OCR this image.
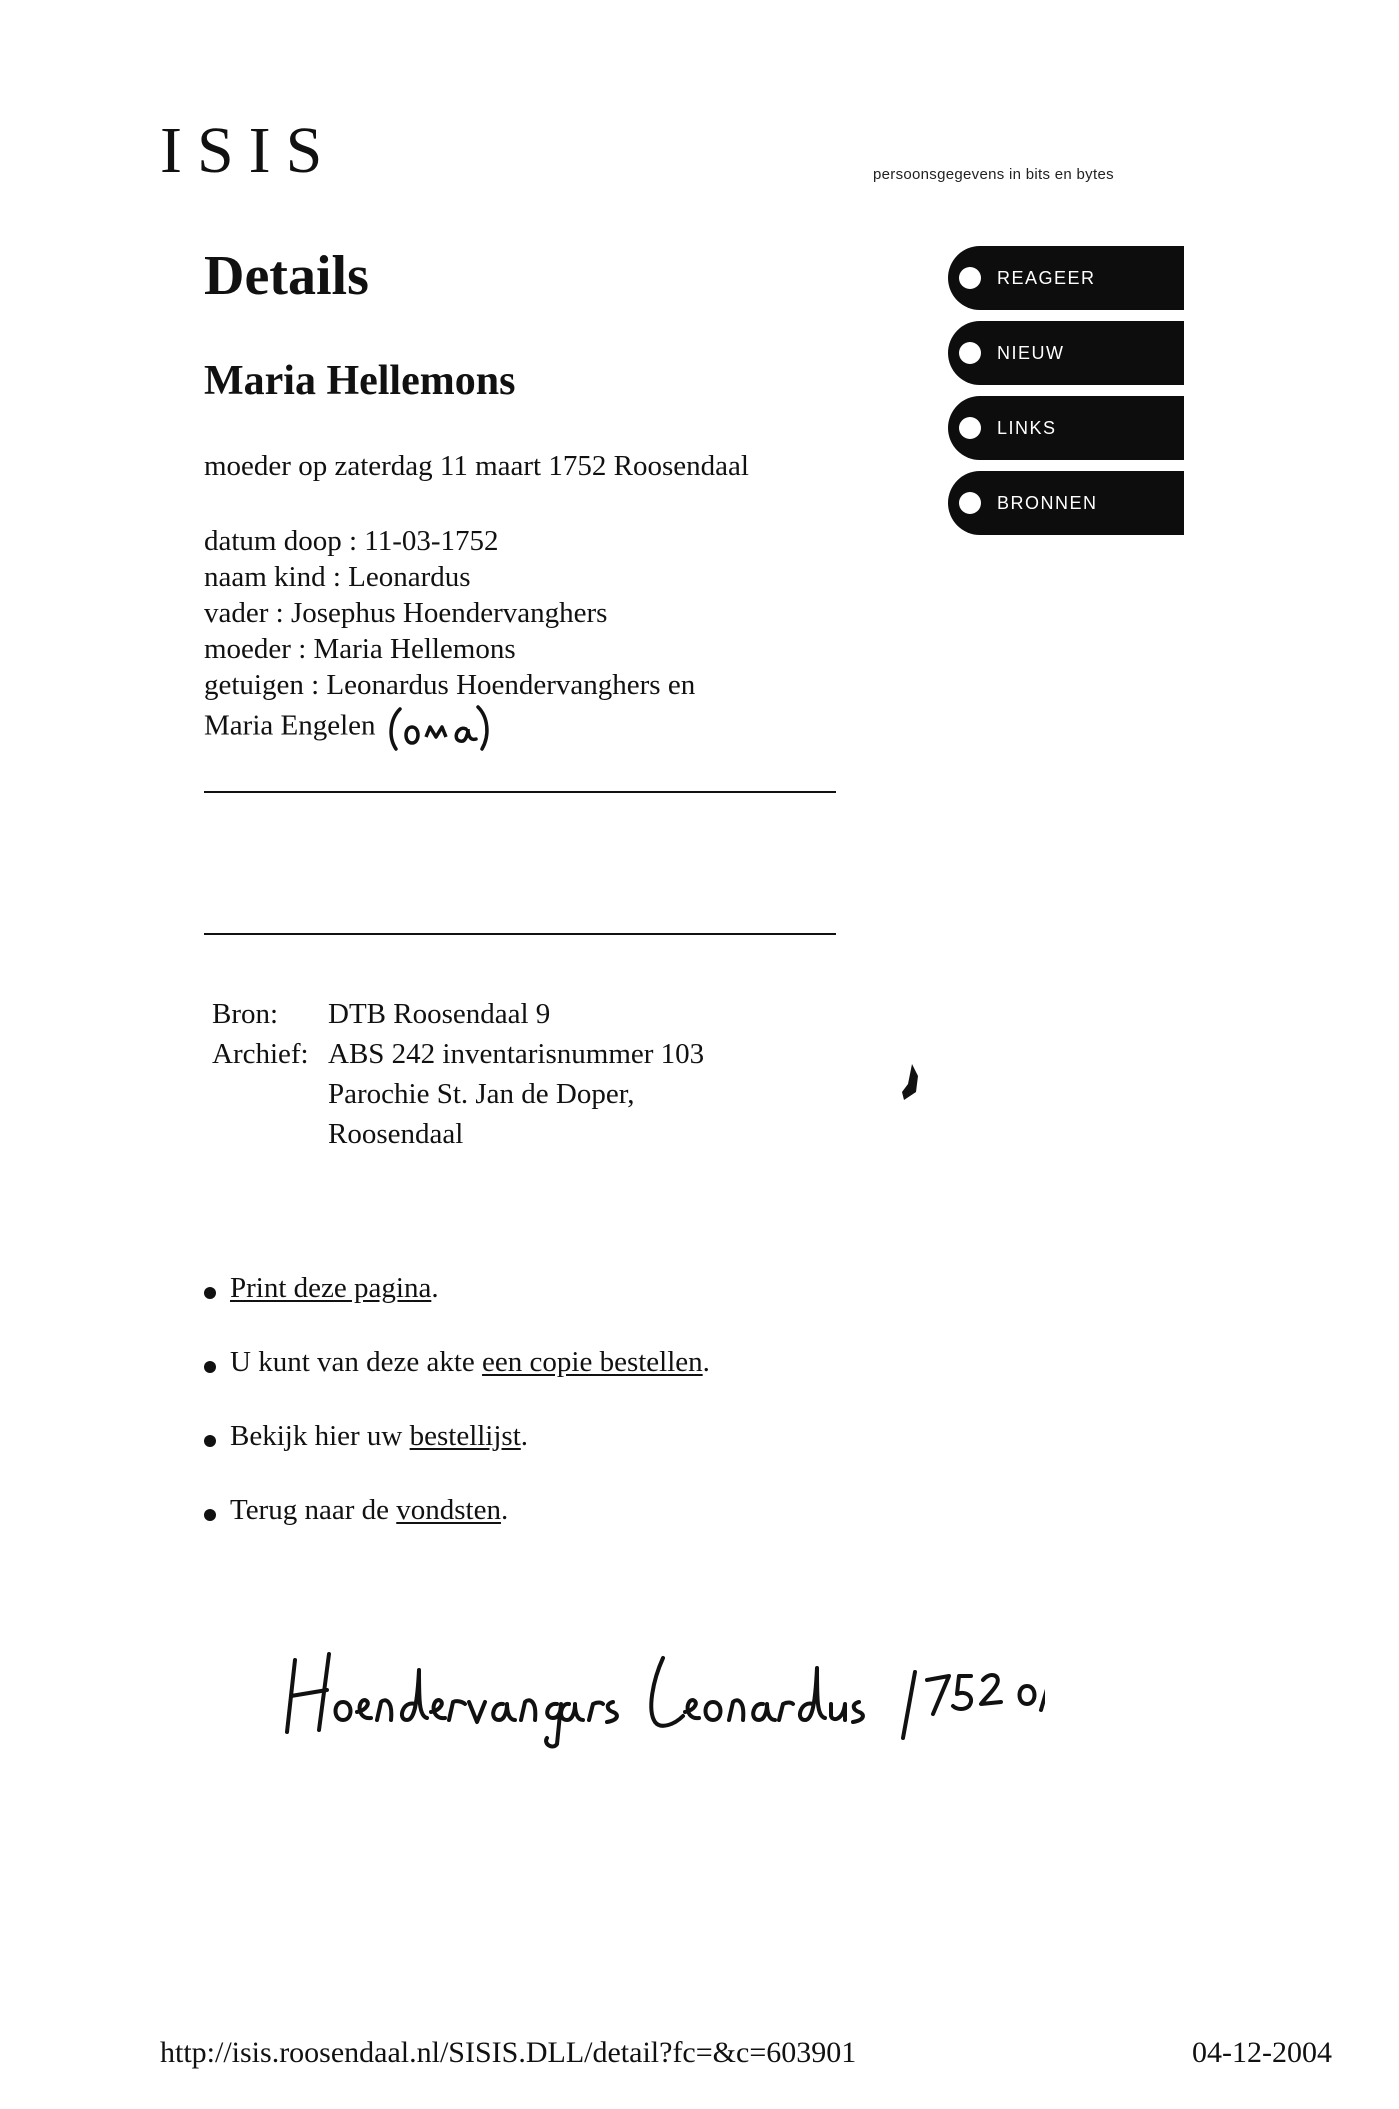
ISIS	persoonsgegevens in bits en bytes
REAGEER
NIEUW
LINKS
BRONNEN
Details
Maria Hellemons
moeder op zaterdag 11 maart 1752 Roosendaal
datum doop : 11-03-1752
naam kind : Leonardus
vader : Josephus Hoendervanghers
moeder : Maria Hellemons
getuigen : Leonardus Hoendervanghers en
Maria Engelen
Bron:	DTB Roosendaal 9
Archief:	ABS 242 inventarisnummer 103
	Parochie St. Jan de Doper,
	Roosendaal
Print deze pagina.
U kunt van deze akte een copie bestellen.
Bekijk hier uw bestellijst.
Terug naar de vondsten.
Hoendervangers Leonardus 1752 01
http://isis.roosendaal.nl/SISIS.DLL/detail?fc=&c=603901	04-12-2004
